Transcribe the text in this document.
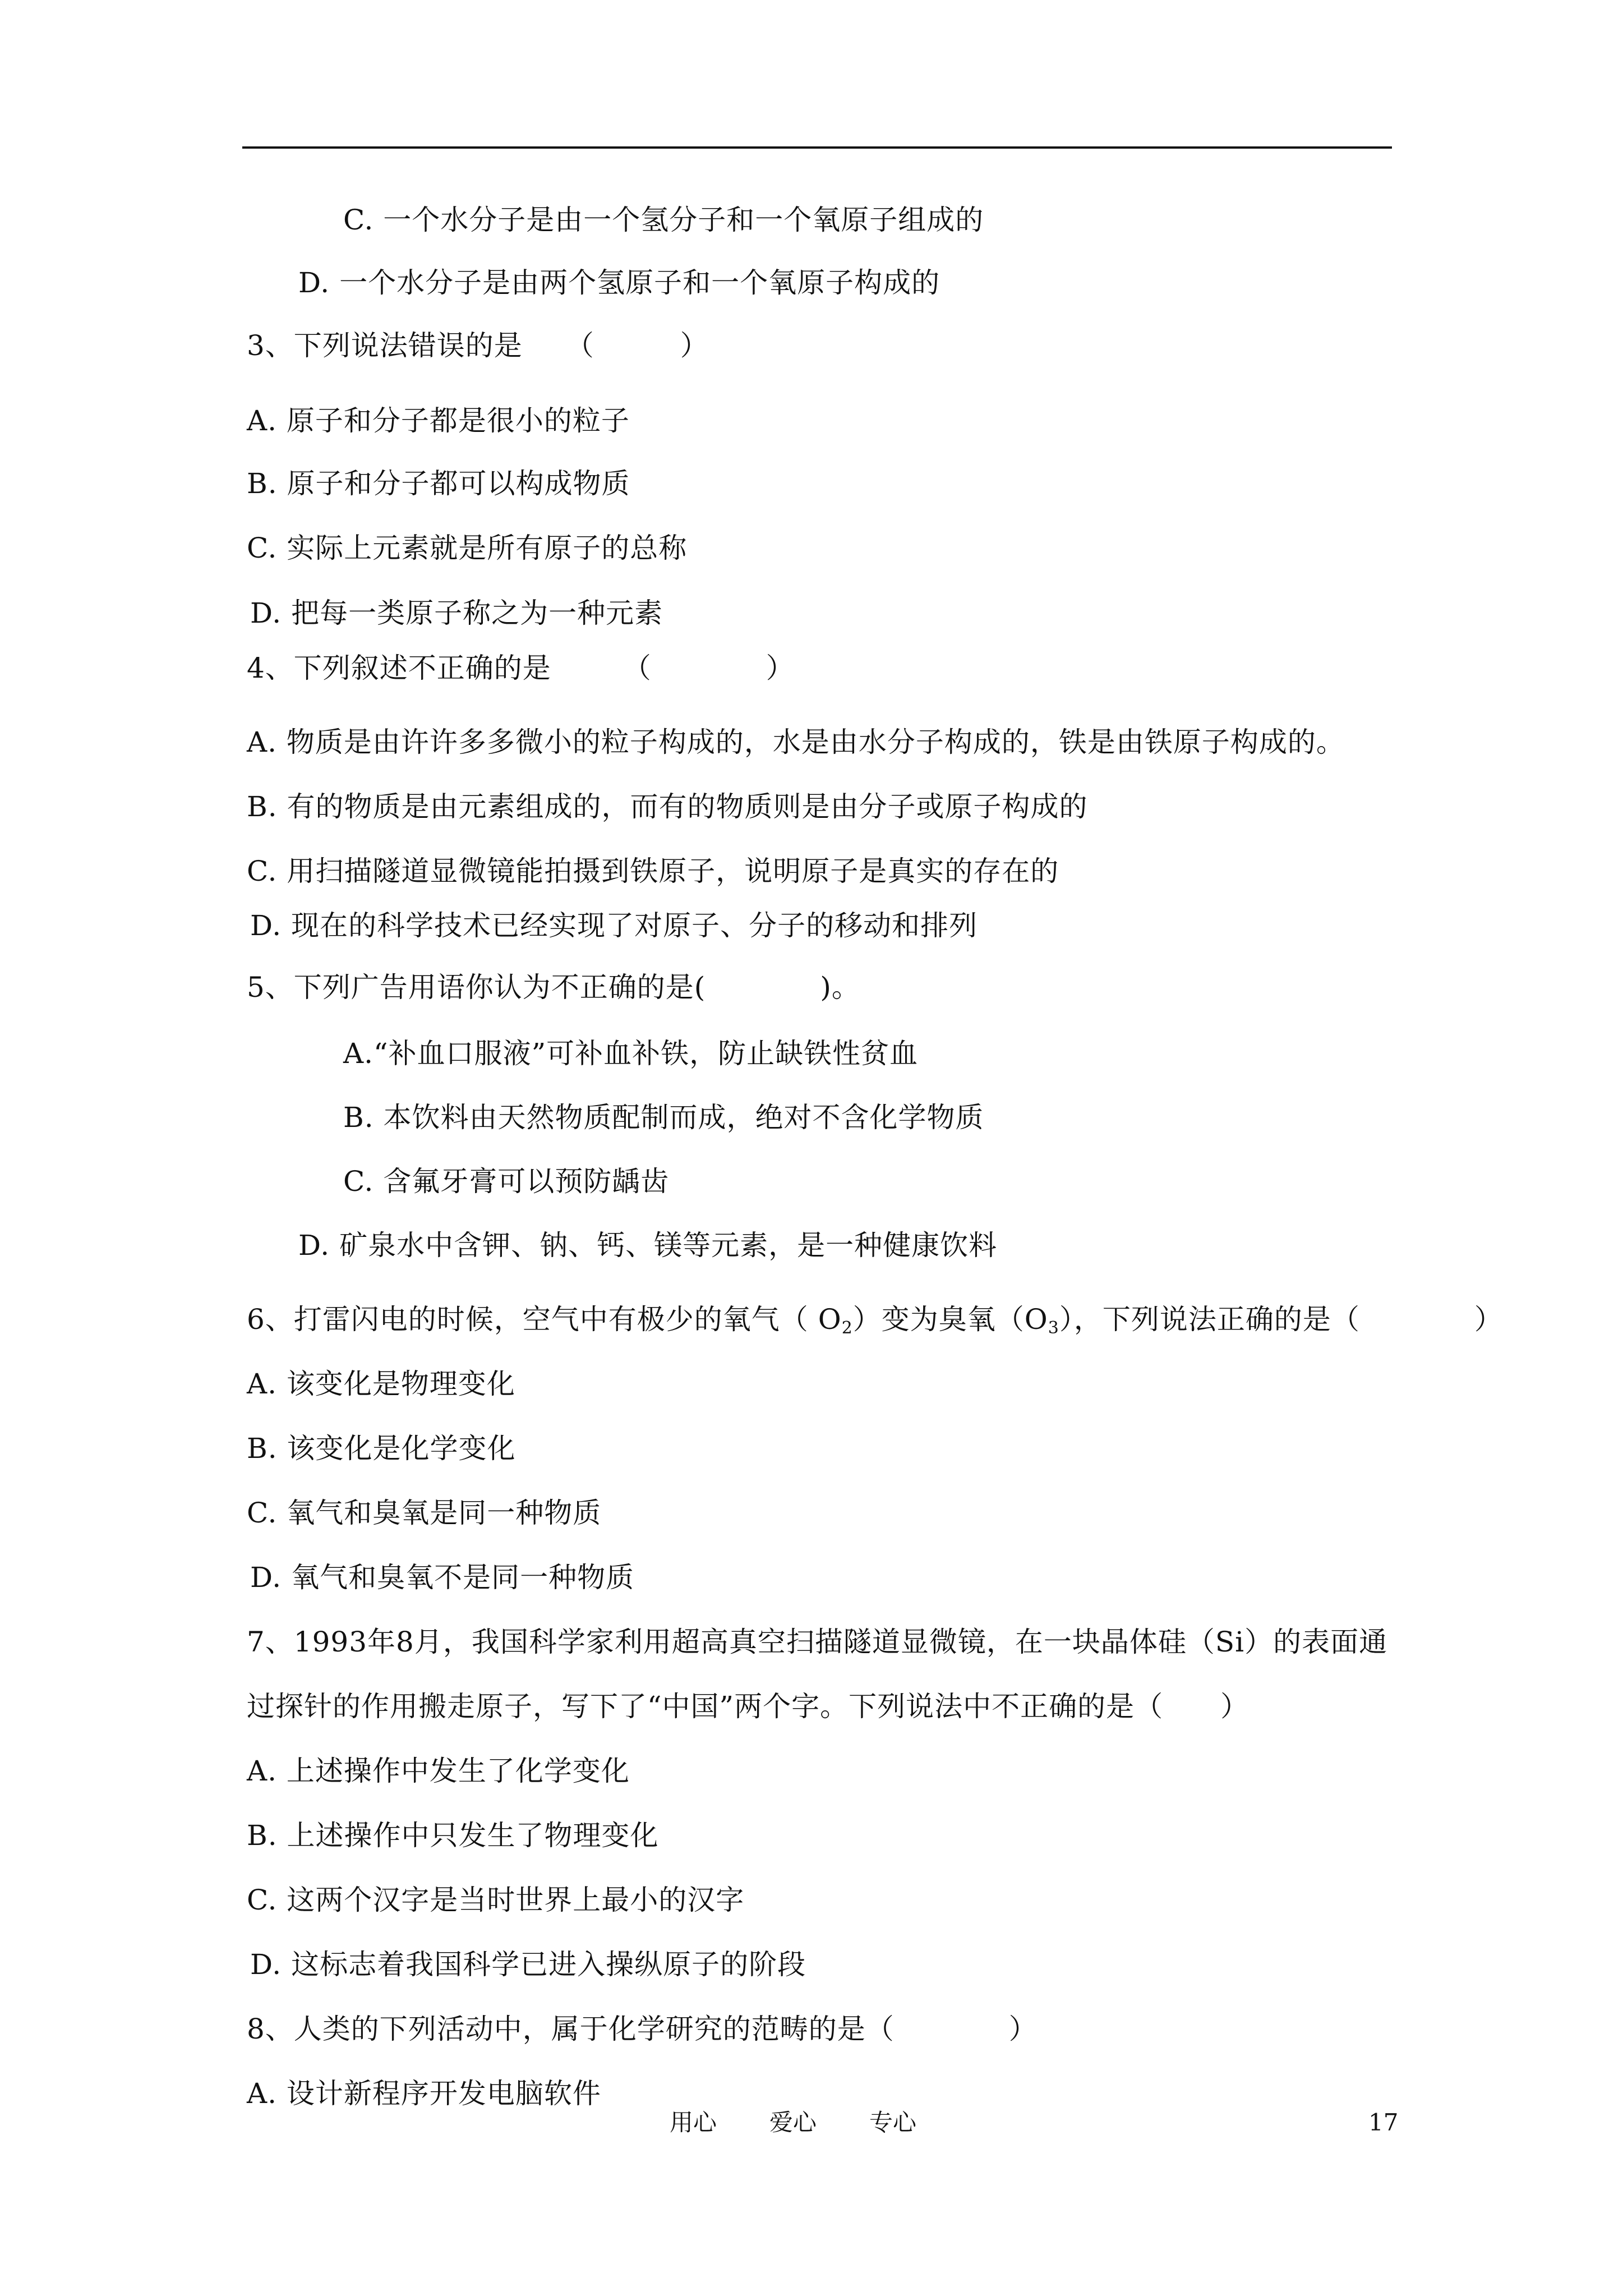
C. 一个水分子是由一个氢分子和一个氧原子组成的
D. 一个水分子是由两个氢原子和一个氧原子构成的
3、下列说法错误的是　　（　　　）
A. 原子和分子都是很小的粒子
B. 原子和分子都可以构成物质
C. 实际上元素就是所有原子的总称
D. 把每一类原子称之为一种元素
4、下列叙述不正确的是　　　（　　　　）
A. 物质是由许许多多微小的粒子构成的，水是由水分子构成的，铁是由铁原子构成的。
B. 有的物质是由元素组成的，而有的物质则是由分子或原子构成的
C. 用扫描隧道显微镜能拍摄到铁原子，说明原子是真实的存在的
D. 现在的科学技术已经实现了对原子、分子的移动和排列
5、下列广告用语你认为不正确的是(　　　　)。
A.“补血口服液”可补血补铁，防止缺铁性贫血
B. 本饮料由天然物质配制而成，绝对不含化学物质
C. 含氟牙膏可以预防龋齿
D. 矿泉水中含钾、钠、钙、镁等元素，是一种健康饮料
6、打雷闪电的时候，空气中有极少的氧气（ $O_2$）变为臭氧$(O_3)$，下列说法正确的是（　　　　）
A. 该变化是物理变化
B. 该变化是化学变化
C. 氧气和臭氧是同一种物质
D. 氧气和臭氧不是同一种物质
7、1993年8月，我国科学家利用超高真空扫描隧道显微镜，在一块晶体硅（Si）的表面通
过探针的作用搬走原子，写下了“中国”两个字。下列说法中不正确的是（　　）
A. 上述操作中发生了化学变化
B. 上述操作中只发生了物理变化
C. 这两个汉字是当时世界上最小的汉字
D. 这标志着我国科学已进入操纵原子的阶段
8、人类的下列活动中，属于化学研究的范畴的是（　　　　）
A. 设计新程序开发电脑软件
用心 爱心 专心	17
